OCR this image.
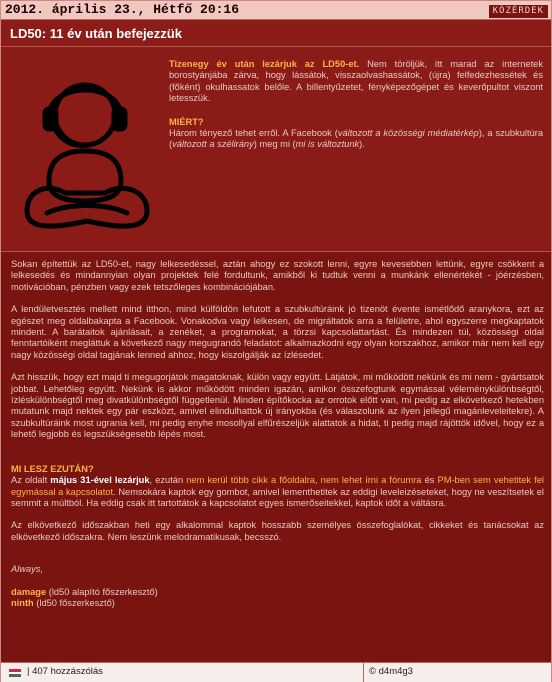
2012. április 23., Hétfő 20:16	KÖZÉRDEK
LD50: 11 év után befejezzük
Tizenegy év után lezárjuk az LD50-et. Nem töröljük, itt marad az internetek borostyánjába zárva, hogy lássátok, visszaolvashassátok, (újra) felfedezhessétek és (főként) okulhassatok belőle. A billentyűzetet, fényképezőgépet és keverőpultot viszont letesszük.
MIÉRT?
Három tényező tehet erről. A Facebook (változott a közösségi médiatérkép), a szubkultúra (változott a szélirány) meg mi (mi is változtunk).

Sokan építettük az LD50-et, nagy lelkesedéssel, aztán ahogy ez szokott lenni, egyre kevesebben lettünk, egyre csökkent a lelkesedés és mindannyian olyan projektek felé fordultunk, amikből ki tudtuk venni a munkánk ellenértékét - jóérzésben, motivációban, pénzben vagy ezek tetszőleges kombinációjában.

A lendületvesztés mellett mind itthon, mind külföldön lefutott a szubkultúráink jó tizenöt évente ismétlődő aranykora, ezt az egészet meg oldalbakapta a Facebook. Vonakodva vagy lelkesen, de migráltatok arra a felületre, ahol egyszerre megkaptatok mindent. A barátaitok ajánlásait, a zenéket, a programokat, a törzsi kapcsolattartást. És mindezen túl, közösségi oldal fenntartóiként megláttuk a következő nagy megugrandó feladatot: alkalmazkodni egy olyan korszakhoz, amikor már nem kell egy nagy közösségi oldal tagjának lenned ahhoz, hogy kiszolgálják az ízlésedet.

Azt hisszük, hogy ezt majd ti megugorjátok magatoknak, külön vagy együtt. Látjátok, mi működött nekünk és mi nem - gyártsatok jobbat. Lehetőleg együtt. Nekünk is akkor működött minden igazán, amikor összefogtunk egymással véleménykülönbségtől, ízléskülönbségtől meg divatkülönbségtől függetlenül. Minden építőkocka az orrotok előtt van, mi pedig az elkövetkező hetekben mutatunk majd nektek egy pár eszközt, amivel elindulhattok új irányokba (és válaszolunk az ilyen jellegű magánleveleitekre). A szubkultúráink most ugrania kell, mi pedig enyhe mosollyal elfűrészeljük alattatok a hidat, ti pedig majd rájöttök idővel, hogy ez a lehető legjobb és legszükségesebb lépés most.

MI LESZ EZUTÁN?

Az oldalt május 31-ével lezárjuk, ezután nem kerül több cikk a főoldalra, nem lehet írni a fórumra és PM-ben sem vehetitek fel egymással a kapcsolatot. Nemsokára kaptok egy gombot, amivel lementhetitek az eddigi leveleizéseteket, hogy ne veszítsetek el semmit a múltból. Ha eddig csak itt tartottátok a kapcsolatot egyes ismerőseitekkel, kaptok időt a váltásra.

Az elkövetkező időszakban heti egy alkalommal kaptok hosszabb személyes összefoglalókat, cikkeket és tanácsokat az elkövetkező időszakra. Nem leszünk melodramatikusak, becsszó.

Always,

damage (ld50 alapító főszerkesztő)
ninth (ld50 főszerkesztő)
| 407 hozzászólás	© d4m4g3
